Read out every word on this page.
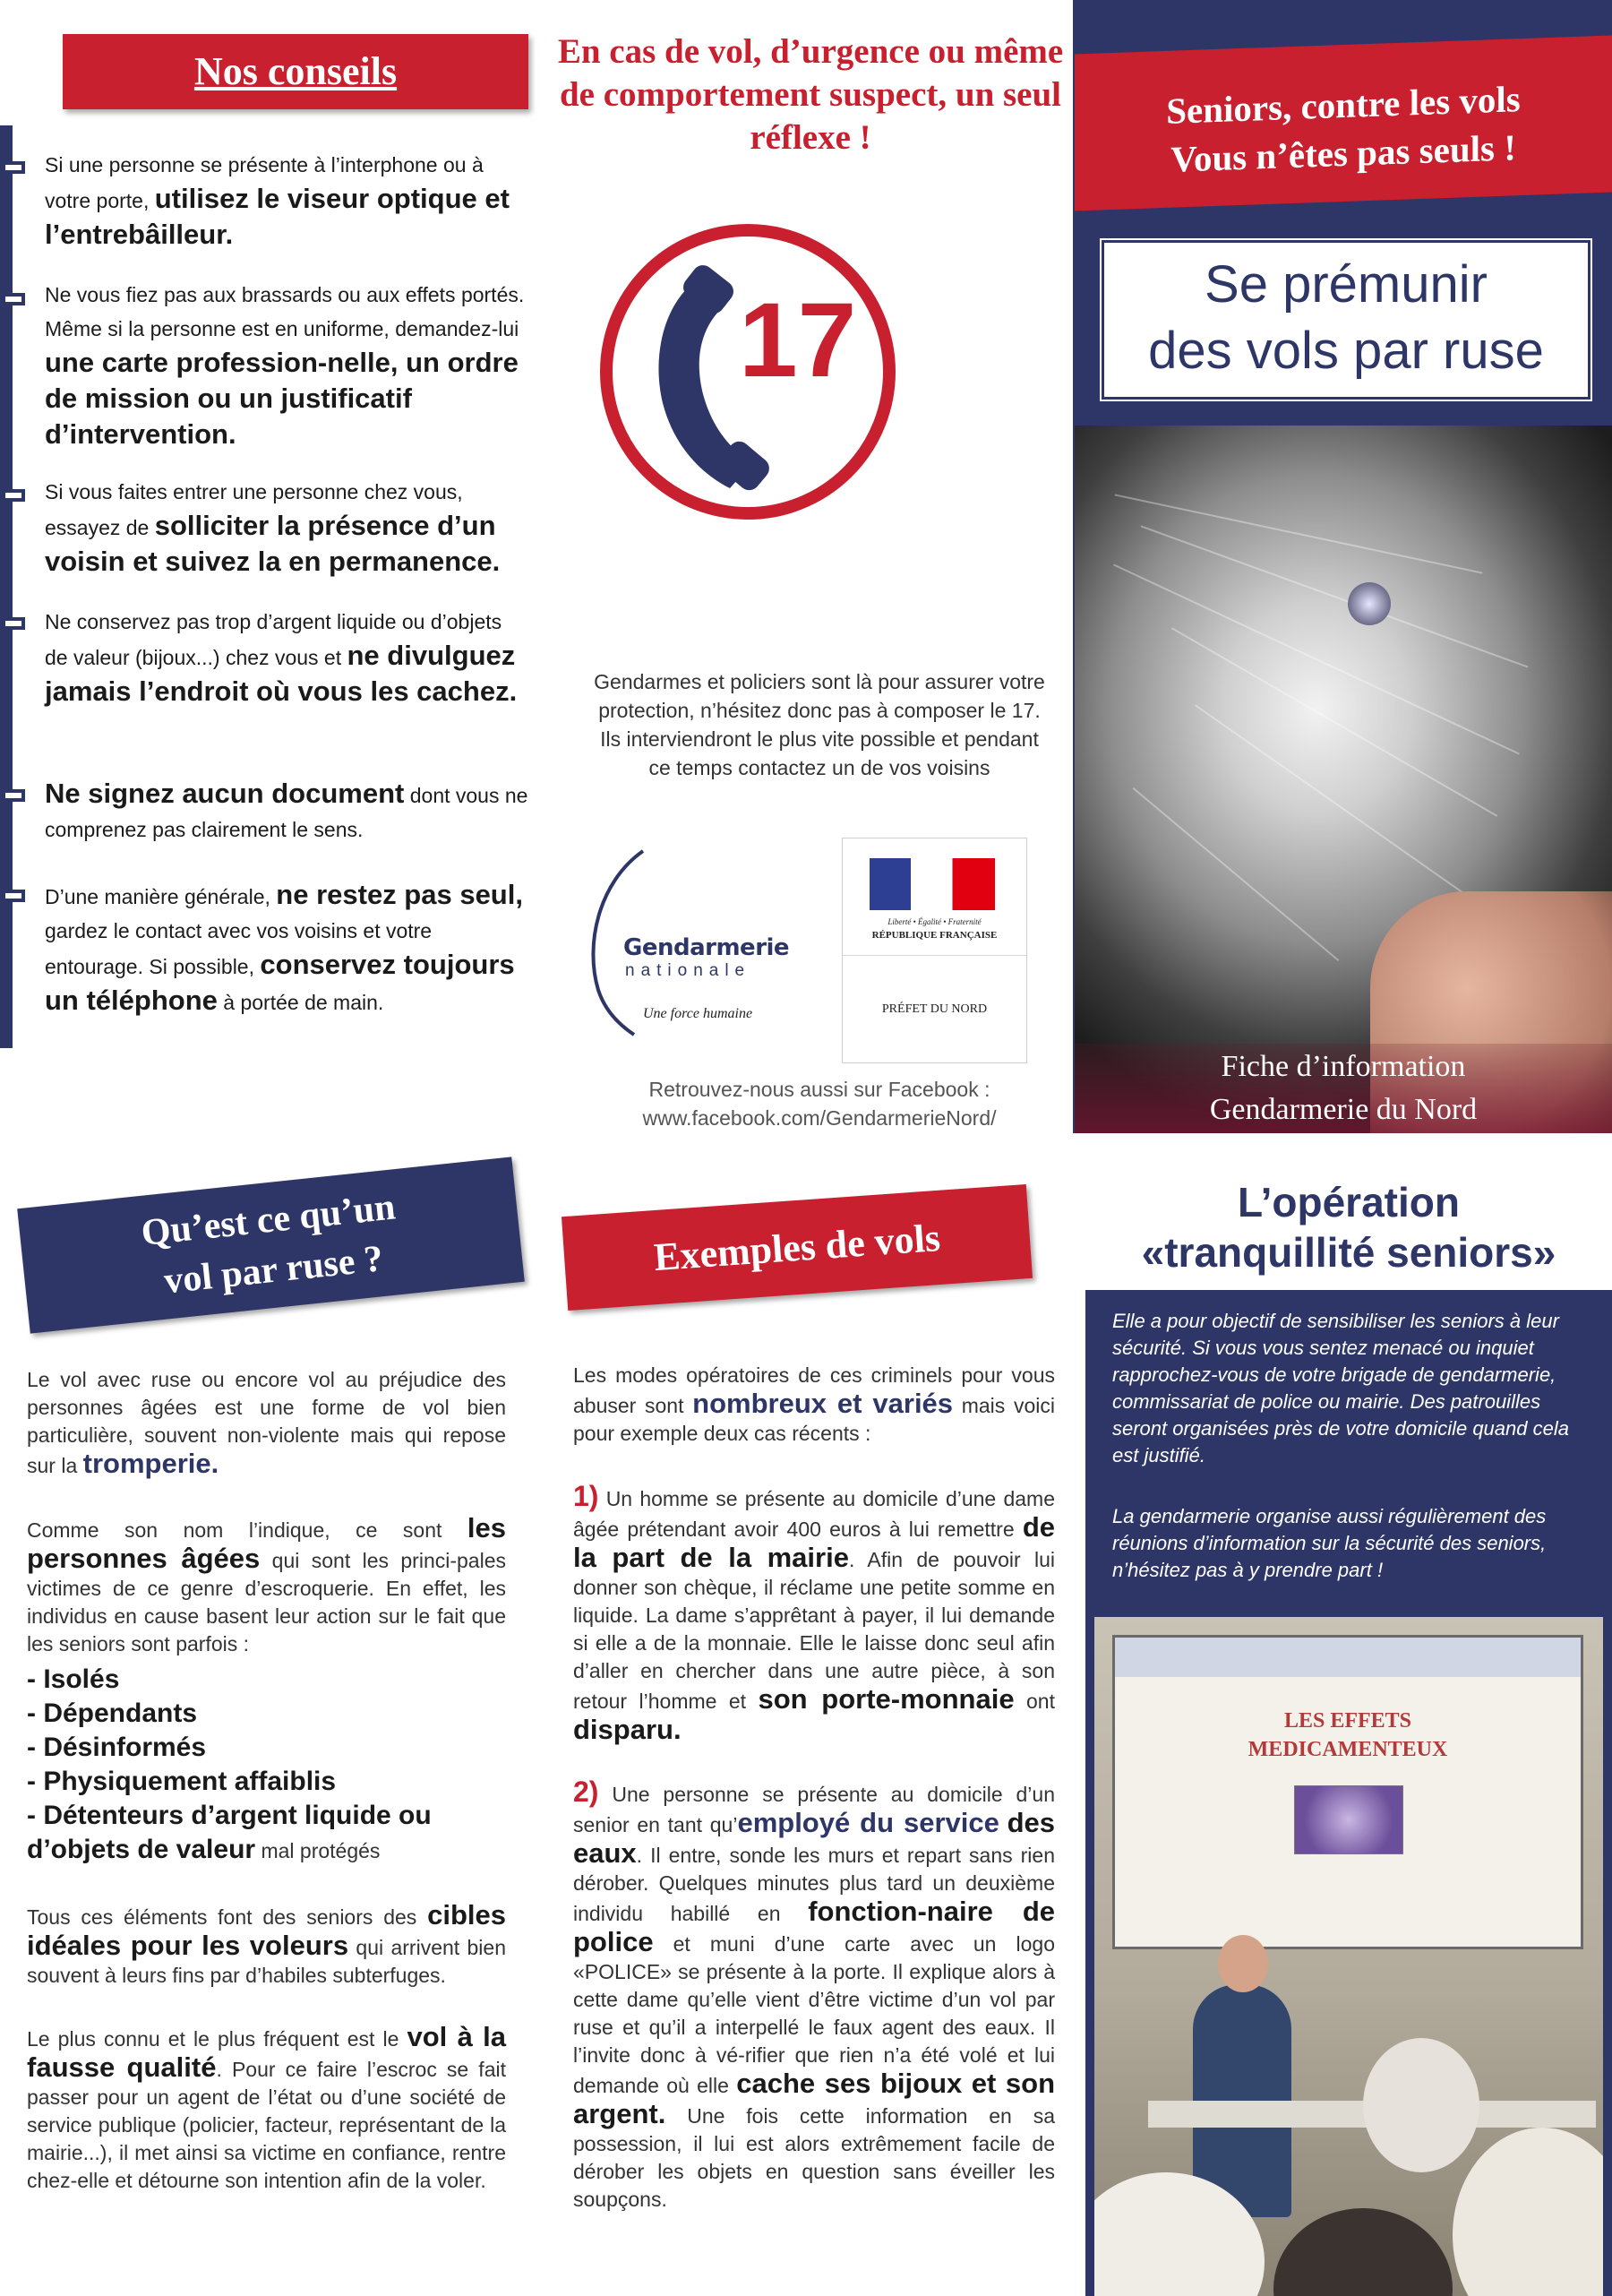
Nos conseils
Si une personne se présente à l’interphone ou à votre porte, utilisez le viseur optique et l’entrebâilleur.
Ne vous fiez pas aux brassards ou aux effets portés. Même si la personne est en uniforme, demandez-lui une carte profession-nelle, un ordre de mission ou un justificatif d’intervention.
Si vous faites entrer une personne chez vous, essayez de solliciter la présence d’un voisin et suivez la en permanence.
Ne conservez pas trop d’argent liquide ou d’objets de valeur (bijoux...) chez vous et ne divulguez jamais l’endroit où vous les cachez.
Ne signez aucun document dont vous ne comprenez pas clairement le sens.
D’une manière générale, ne restez pas seul, gardez le contact avec vos voisins et votre entourage. Si possible, conservez toujours un téléphone à portée de main.
En cas de vol, d’urgence ou même de comportement suspect, un seul réflexe !
17
Gendarmes et policiers sont là pour assurer votre protection, n’hésitez donc pas à composer le 17. Ils interviendront le plus vite possible et pendant ce temps contactez un de vos voisins
Gendarmerie
nationale
Une force humaine
Liberté • Égalité • Fraternité
RÉPUBLIQUE FRANÇAISE
PRÉFET DU NORD
Retrouvez-nous aussi sur Facebook : www.facebook.com/GendarmerieNord/
Seniors, contre les vols
Vous n’êtes pas seuls !
Se prémunir
des vols par ruse
Fiche d’information
Gendarmerie du Nord
Qu’est ce qu’un
vol par ruse ?
Le vol avec ruse ou encore vol au préjudice des personnes âgées est une forme de vol bien particulière, souvent non-violente mais qui repose sur la tromperie.
Comme son nom l’indique, ce sont les personnes âgées qui sont les princi-pales victimes de ce genre d’escroquerie. En effet, les individus en cause basent leur action sur le fait que les seniors sont parfois :
- Isolés
- Dépendants
- Désinformés
- Physiquement affaiblis
- Détenteurs d’argent liquide ou d’objets de valeur mal protégés
Tous ces éléments font des seniors des cibles idéales pour les voleurs qui arrivent bien souvent à leurs fins par d’habiles subterfuges.
Le plus connu et le plus fréquent est le vol à la fausse qualité. Pour ce faire l’escroc se fait passer pour un agent de l’état ou d’une société de service publique (policier, facteur, représentant de la mairie...), il met ainsi sa victime en confiance, rentre chez-elle et détourne son intention afin de la voler.
Exemples de vols
Les modes opératoires de ces criminels pour vous abuser sont nombreux et variés mais voici pour exemple deux cas récents :
1) Un homme se présente au domicile d’une dame âgée prétendant avoir 400 euros à lui remettre de la part de la mairie. Afin de pouvoir lui donner son chèque, il réclame une petite somme en liquide. La dame s’apprêtant à payer, il lui demande si elle a de la monnaie. Elle le laisse donc seul afin d’aller en chercher dans une autre pièce, à son retour l’homme et son porte-monnaie ont disparu.
2) Une personne se présente au domicile d’un senior en tant qu’employé du service des eaux. Il entre, sonde les murs et repart sans rien dérober. Quelques minutes plus tard un deuxième individu habillé en fonction-naire de police et muni d’une carte avec un logo «POLICE» se présente à la porte. Il explique alors à cette dame qu’elle vient d’être victime d’un vol par ruse et qu’il a interpellé le faux agent des eaux. Il l’invite donc à vé-rifier que rien n’a été volé et lui demande où elle cache ses bijoux et son argent. Une fois cette information en sa possession, il lui est alors extrêmement facile de dérober les objets en question sans éveiller les soupçons.
L’opération
«tranquillité seniors»
Elle a pour objectif de sensibiliser les seniors à leur sécurité. Si vous vous sentez menacé ou inquiet rapprochez-vous de votre brigade de gendarmerie, commissariat de police ou mairie. Des patrouilles seront organisées près de votre domicile quand cela est justifié.
La gendarmerie organise aussi régulièrement des réunions d’information sur la sécurité des seniors, n’hésitez pas à y prendre part !
LES EFFETS
MEDICAMENTEUX
